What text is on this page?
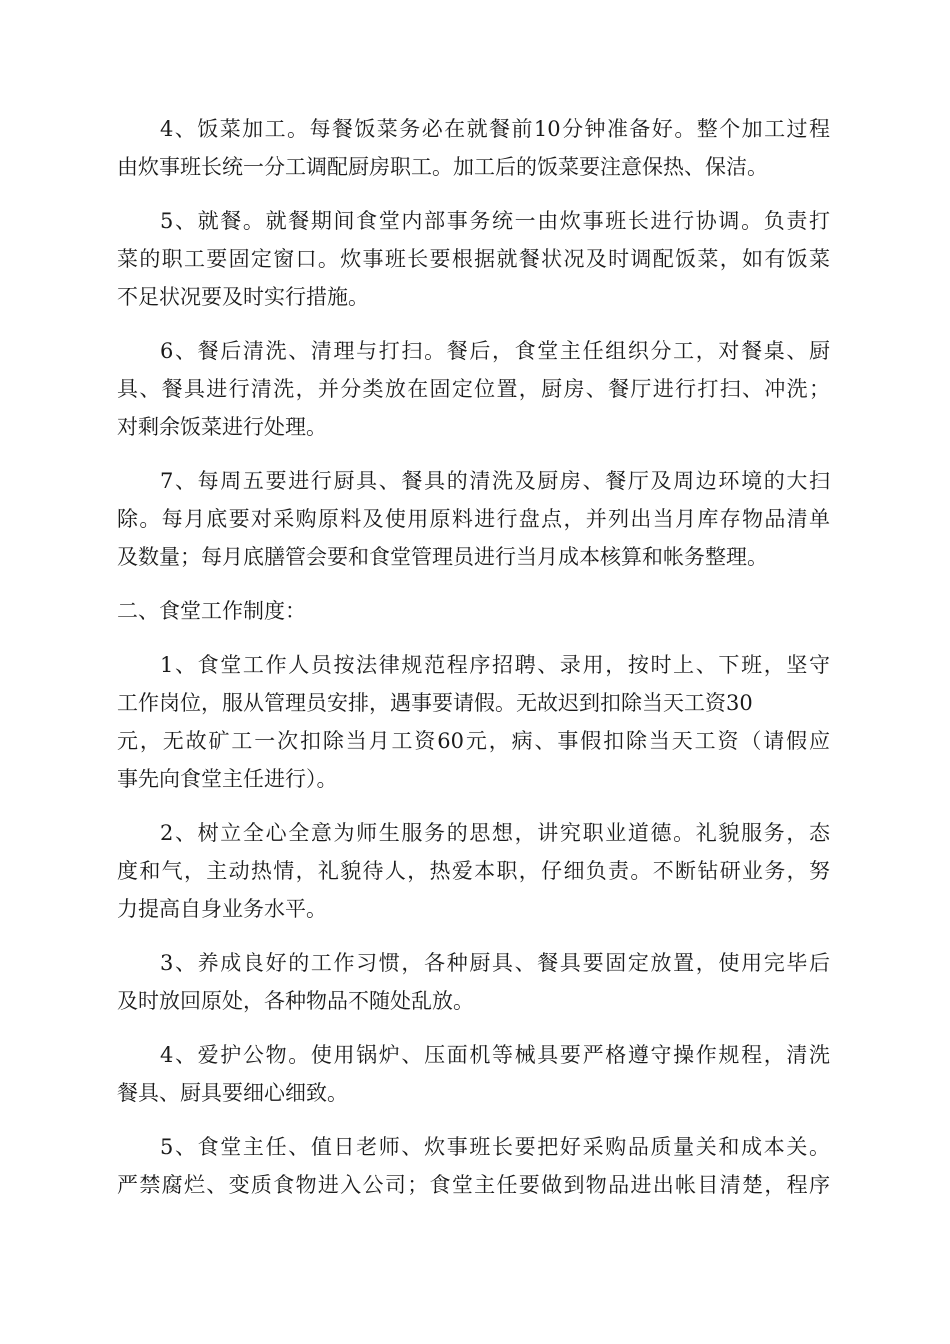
4、饭菜加工。每餐饭菜务必在就餐前10分钟准备好。整个加工过程
由炊事班长统一分工调配厨房职工。加工后的饭菜要注意保热、保洁。
5、就餐。就餐期间食堂内部事务统一由炊事班长进行协调。负责打
菜的职工要固定窗口。炊事班长要根据就餐状况及时调配饭菜，如有饭菜
不足状况要及时实行措施。
6、餐后清洗、清理与打扫。餐后，食堂主任组织分工，对餐桌、厨
具、餐具进行清洗，并分类放在固定位置，厨房、餐厅进行打扫、冲洗；
对剩余饭菜进行处理。
7、每周五要进行厨具、餐具的清洗及厨房、餐厅及周边环境的大扫
除。每月底要对采购原料及使用原料进行盘点，并列出当月库存物品清单
及数量；每月底膳管会要和食堂管理员进行当月成本核算和帐务整理。
二、食堂工作制度：
1、食堂工作人员按法律规范程序招聘、录用，按时上、下班，坚守
工作岗位，服从管理员安排，遇事要请假。无故迟到扣除当天工资30
元，无故矿工一次扣除当月工资60元，病、事假扣除当天工资（请假应
事先向食堂主任进行）。
2、树立全心全意为师生服务的思想，讲究职业道德。礼貌服务，态
度和气，主动热情，礼貌待人，热爱本职，仔细负责。不断钻研业务，努
力提高自身业务水平。
3、养成良好的工作习惯，各种厨具、餐具要固定放置，使用完毕后
及时放回原处，各种物品不随处乱放。
4、爱护公物。使用锅炉、压面机等械具要严格遵守操作规程，清洗
餐具、厨具要细心细致。
5、食堂主任、值日老师、炊事班长要把好采购品质量关和成本关。
严禁腐烂、变质食物进入公司；食堂主任要做到物品进出帐目清楚，程序
